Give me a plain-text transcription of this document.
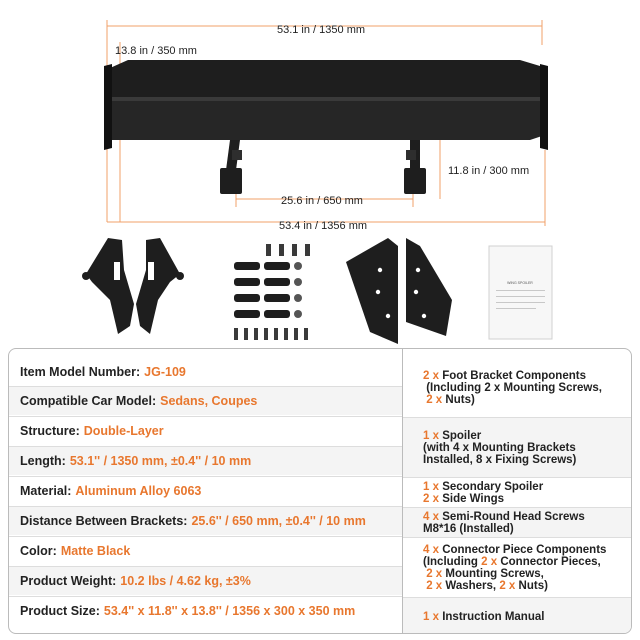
53.1 in / 1350 mm
13.8 in / 350 mm
11.8 in / 300 mm
25.6 in / 650 mm
53.4 in / 1356 mm
WING SPOILER
Item Model Number: JG-109
Compatible Car Model: Sedans, Coupes
Structure: Double-Layer
Length: 53.1'' / 1350 mm, ±0.4'' / 10 mm
Material: Aluminum Alloy 6063
Distance Between Brackets: 25.6'' / 650 mm, ±0.4'' / 10 mm
Color: Matte Black
Product Weight: 10.2 lbs / 4.62 kg, ±3%
Product Size: 53.4'' x 11.8'' x 13.8'' / 1356 x 300 x 350 mm
2 x Foot Bracket Components
(Including 2 x Mounting Screws,
2 x Nuts)
1 x Spoiler
(with 4 x Mounting Brackets
Installed, 8 x Fixing Screws)
1 x Secondary Spoiler
2 x Side Wings
4 x Semi-Round Head Screws
M8*16 (Installed)
4 x Connector Piece Components
(Including 2 x Connector Pieces,
2 x Mounting Screws,
2 x Washers, 2 x Nuts)
1 x Instruction Manual
